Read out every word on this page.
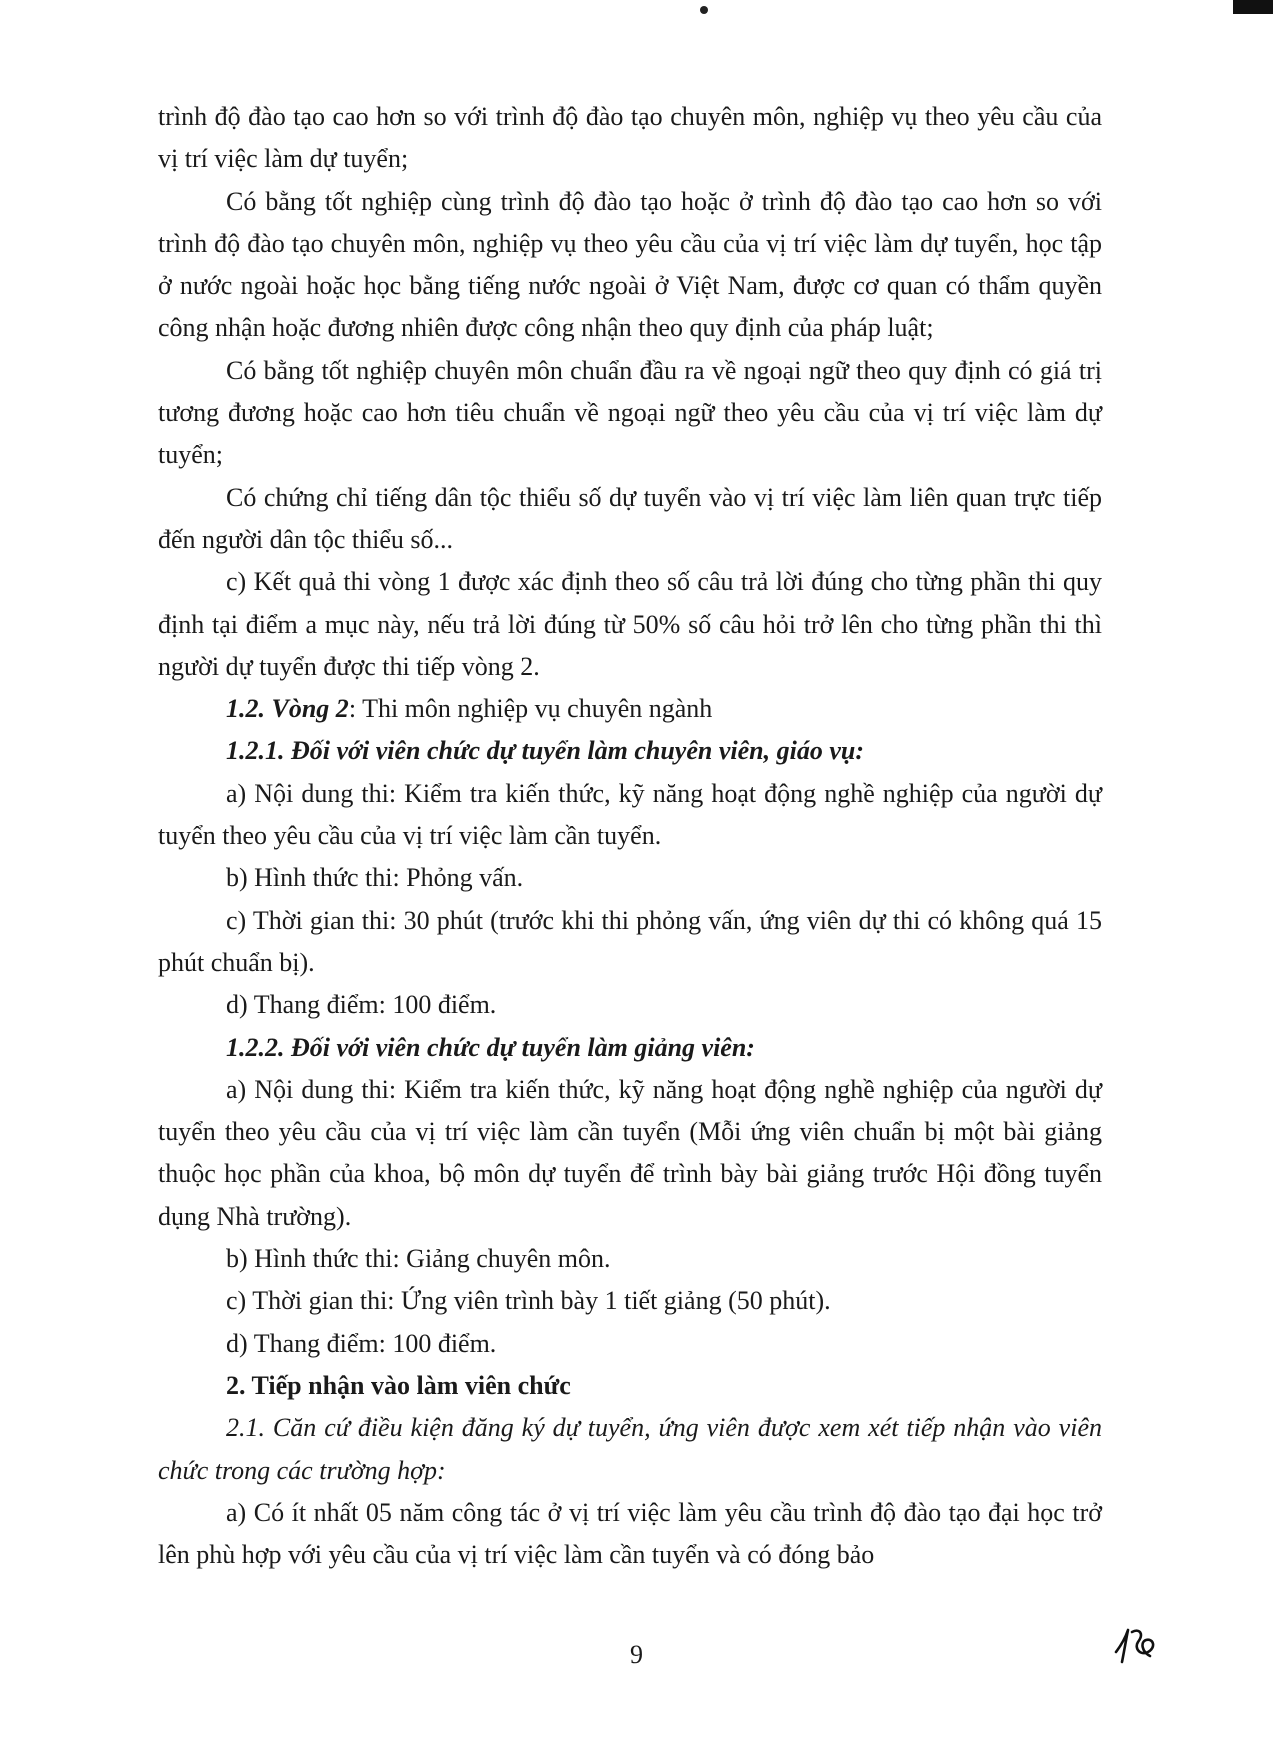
trình độ đào tạo cao hơn so với trình độ đào tạo chuyên môn, nghiệp vụ theo yêu cầu của vị trí việc làm dự tuyển;

Có bằng tốt nghiệp cùng trình độ đào tạo hoặc ở trình độ đào tạo cao hơn so với trình độ đào tạo chuyên môn, nghiệp vụ theo yêu cầu của vị trí việc làm dự tuyển, học tập ở nước ngoài hoặc học bằng tiếng nước ngoài ở Việt Nam, được cơ quan có thẩm quyền công nhận hoặc đương nhiên được công nhận theo quy định của pháp luật;

Có bằng tốt nghiệp chuyên môn chuẩn đầu ra về ngoại ngữ theo quy định có giá trị tương đương hoặc cao hơn tiêu chuẩn về ngoại ngữ theo yêu cầu của vị trí việc làm dự tuyển;

Có chứng chỉ tiếng dân tộc thiểu số dự tuyển vào vị trí việc làm liên quan trực tiếp đến người dân tộc thiểu số...

c) Kết quả thi vòng 1 được xác định theo số câu trả lời đúng cho từng phần thi quy định tại điểm a mục này, nếu trả lời đúng từ 50% số câu hỏi trở lên cho từng phần thi thì người dự tuyển được thi tiếp vòng 2.

1.2. Vòng 2: Thi môn nghiệp vụ chuyên ngành

1.2.1. Đối với viên chức dự tuyển làm chuyên viên, giáo vụ:

a) Nội dung thi: Kiểm tra kiến thức, kỹ năng hoạt động nghề nghiệp của người dự tuyển theo yêu cầu của vị trí việc làm cần tuyển.

b) Hình thức thi: Phỏng vấn.

c) Thời gian thi: 30 phút (trước khi thi phỏng vấn, ứng viên dự thi có không quá 15 phút chuẩn bị).

d) Thang điểm: 100 điểm.

1.2.2. Đối với viên chức dự tuyển làm giảng viên:

a) Nội dung thi: Kiểm tra kiến thức, kỹ năng hoạt động nghề nghiệp của người dự tuyển theo yêu cầu của vị trí việc làm cần tuyển (Mỗi ứng viên chuẩn bị một bài giảng thuộc học phần của khoa, bộ môn dự tuyển để trình bày bài giảng trước Hội đồng tuyển dụng Nhà trường).

b) Hình thức thi: Giảng chuyên môn.

c) Thời gian thi: Ứng viên trình bày 1 tiết giảng (50 phút).

d) Thang điểm: 100 điểm.

2. Tiếp nhận vào làm viên chức

2.1. Căn cứ điều kiện đăng ký dự tuyển, ứng viên được xem xét tiếp nhận vào viên chức trong các trường hợp:

a) Có ít nhất 05 năm công tác ở vị trí việc làm yêu cầu trình độ đào tạo đại học trở lên phù hợp với yêu cầu của vị trí việc làm cần tuyển và có đóng bảo

9
